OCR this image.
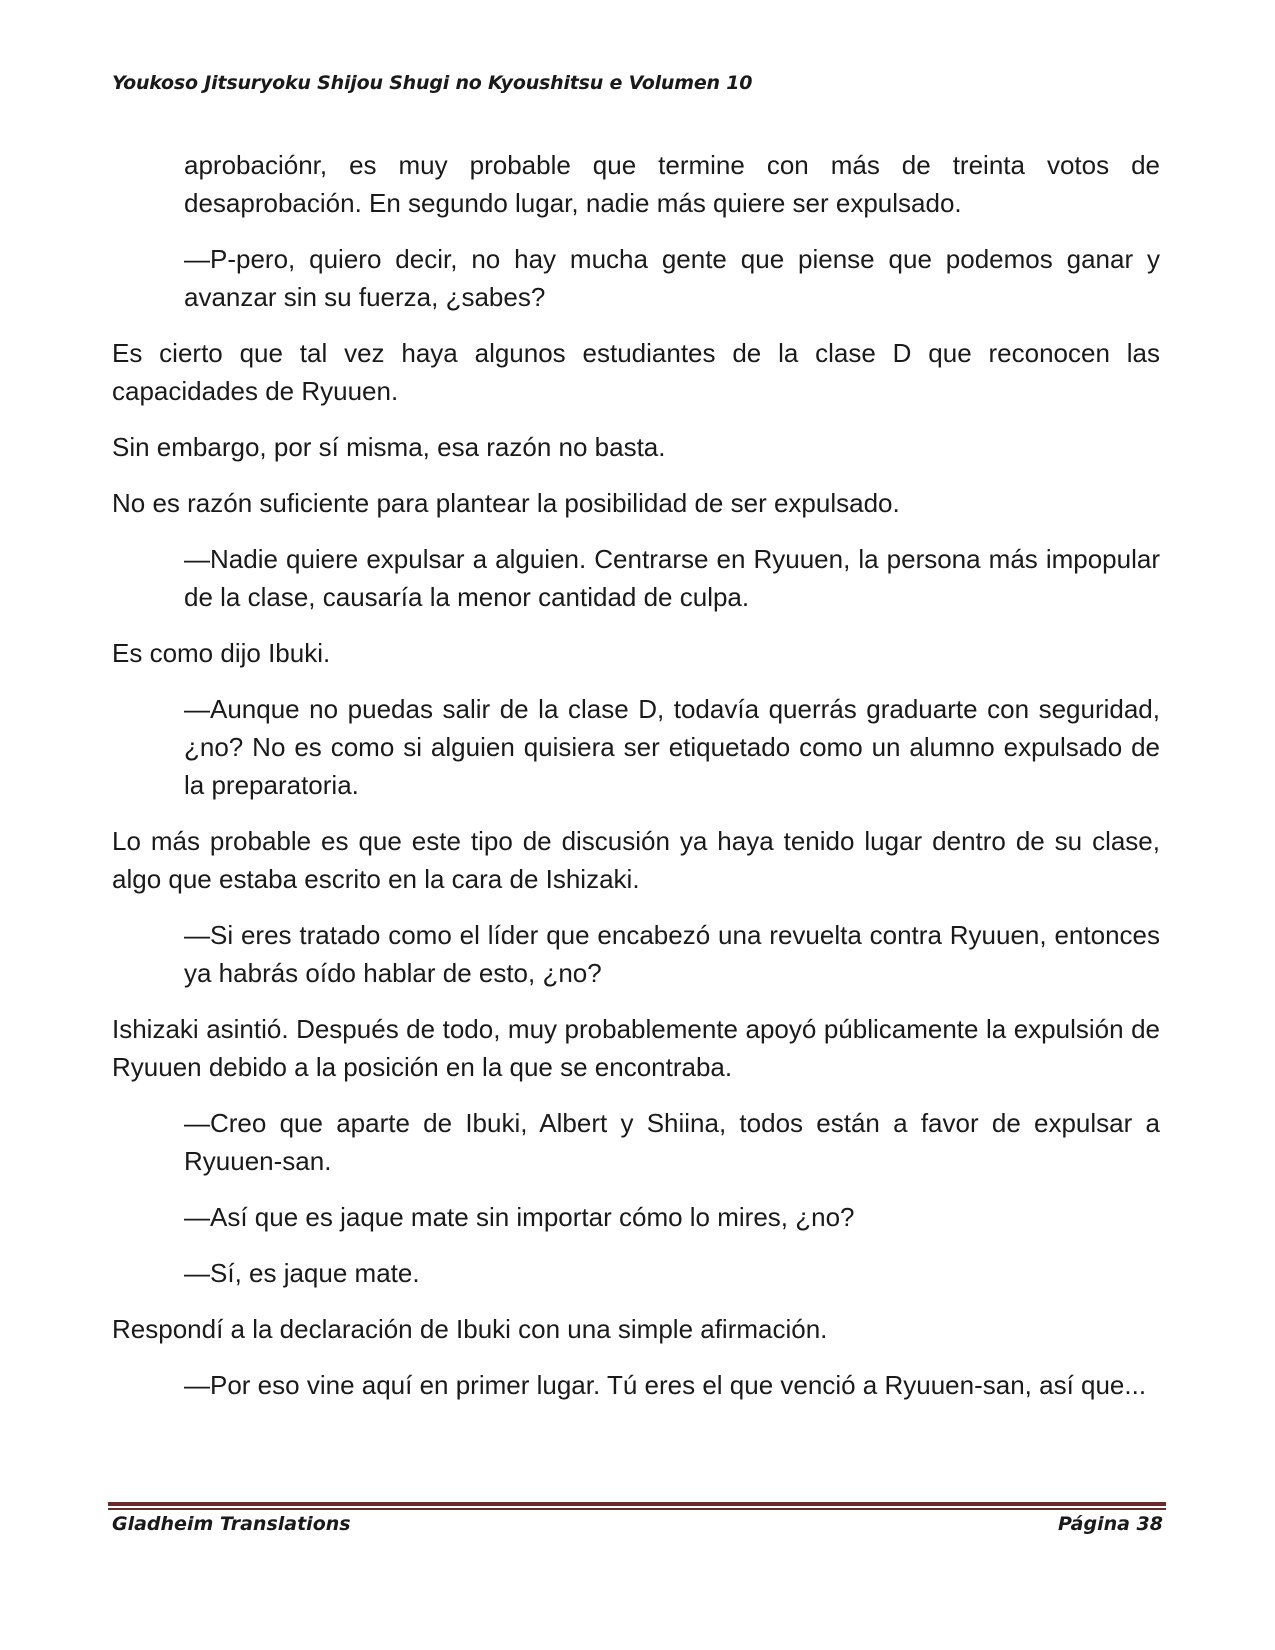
Youkoso Jitsuryoku Shijou Shugi no Kyoushitsu e Volumen 10

aprobaciónr, es muy probable que termine con más de treinta votos de desaprobación. En segundo lugar, nadie más quiere ser expulsado.

—P-pero, quiero decir, no hay mucha gente que piense que podemos ganar y avanzar sin su fuerza, ¿sabes?

Es cierto que tal vez haya algunos estudiantes de la clase D que reconocen las capacidades de Ryuuen.

Sin embargo, por sí misma, esa razón no basta.

No es razón suficiente para plantear la posibilidad de ser expulsado.

—Nadie quiere expulsar a alguien. Centrarse en Ryuuen, la persona más impopular de la clase, causaría la menor cantidad de culpa.

Es como dijo Ibuki.

—Aunque no puedas salir de la clase D, todavía querrás graduarte con seguridad, ¿no? No es como si alguien quisiera ser etiquetado como un alumno expulsado de la preparatoria.

Lo más probable es que este tipo de discusión ya haya tenido lugar dentro de su clase, algo que estaba escrito en la cara de Ishizaki.

—Si eres tratado como el líder que encabezó una revuelta contra Ryuuen, entonces ya habrás oído hablar de esto, ¿no?

Ishizaki asintió. Después de todo, muy probablemente apoyó públicamente la expulsión de Ryuuen debido a la posición en la que se encontraba.

—Creo que aparte de Ibuki, Albert y Shiina, todos están a favor de expulsar a Ryuuen-san.

—Así que es jaque mate sin importar cómo lo mires, ¿no?

—Sí, es jaque mate.

Respondí a la declaración de Ibuki con una simple afirmación.

—Por eso vine aquí en primer lugar. Tú eres el que venció a Ryuuen-san, así que...

Gladheim Translations	Página 38
